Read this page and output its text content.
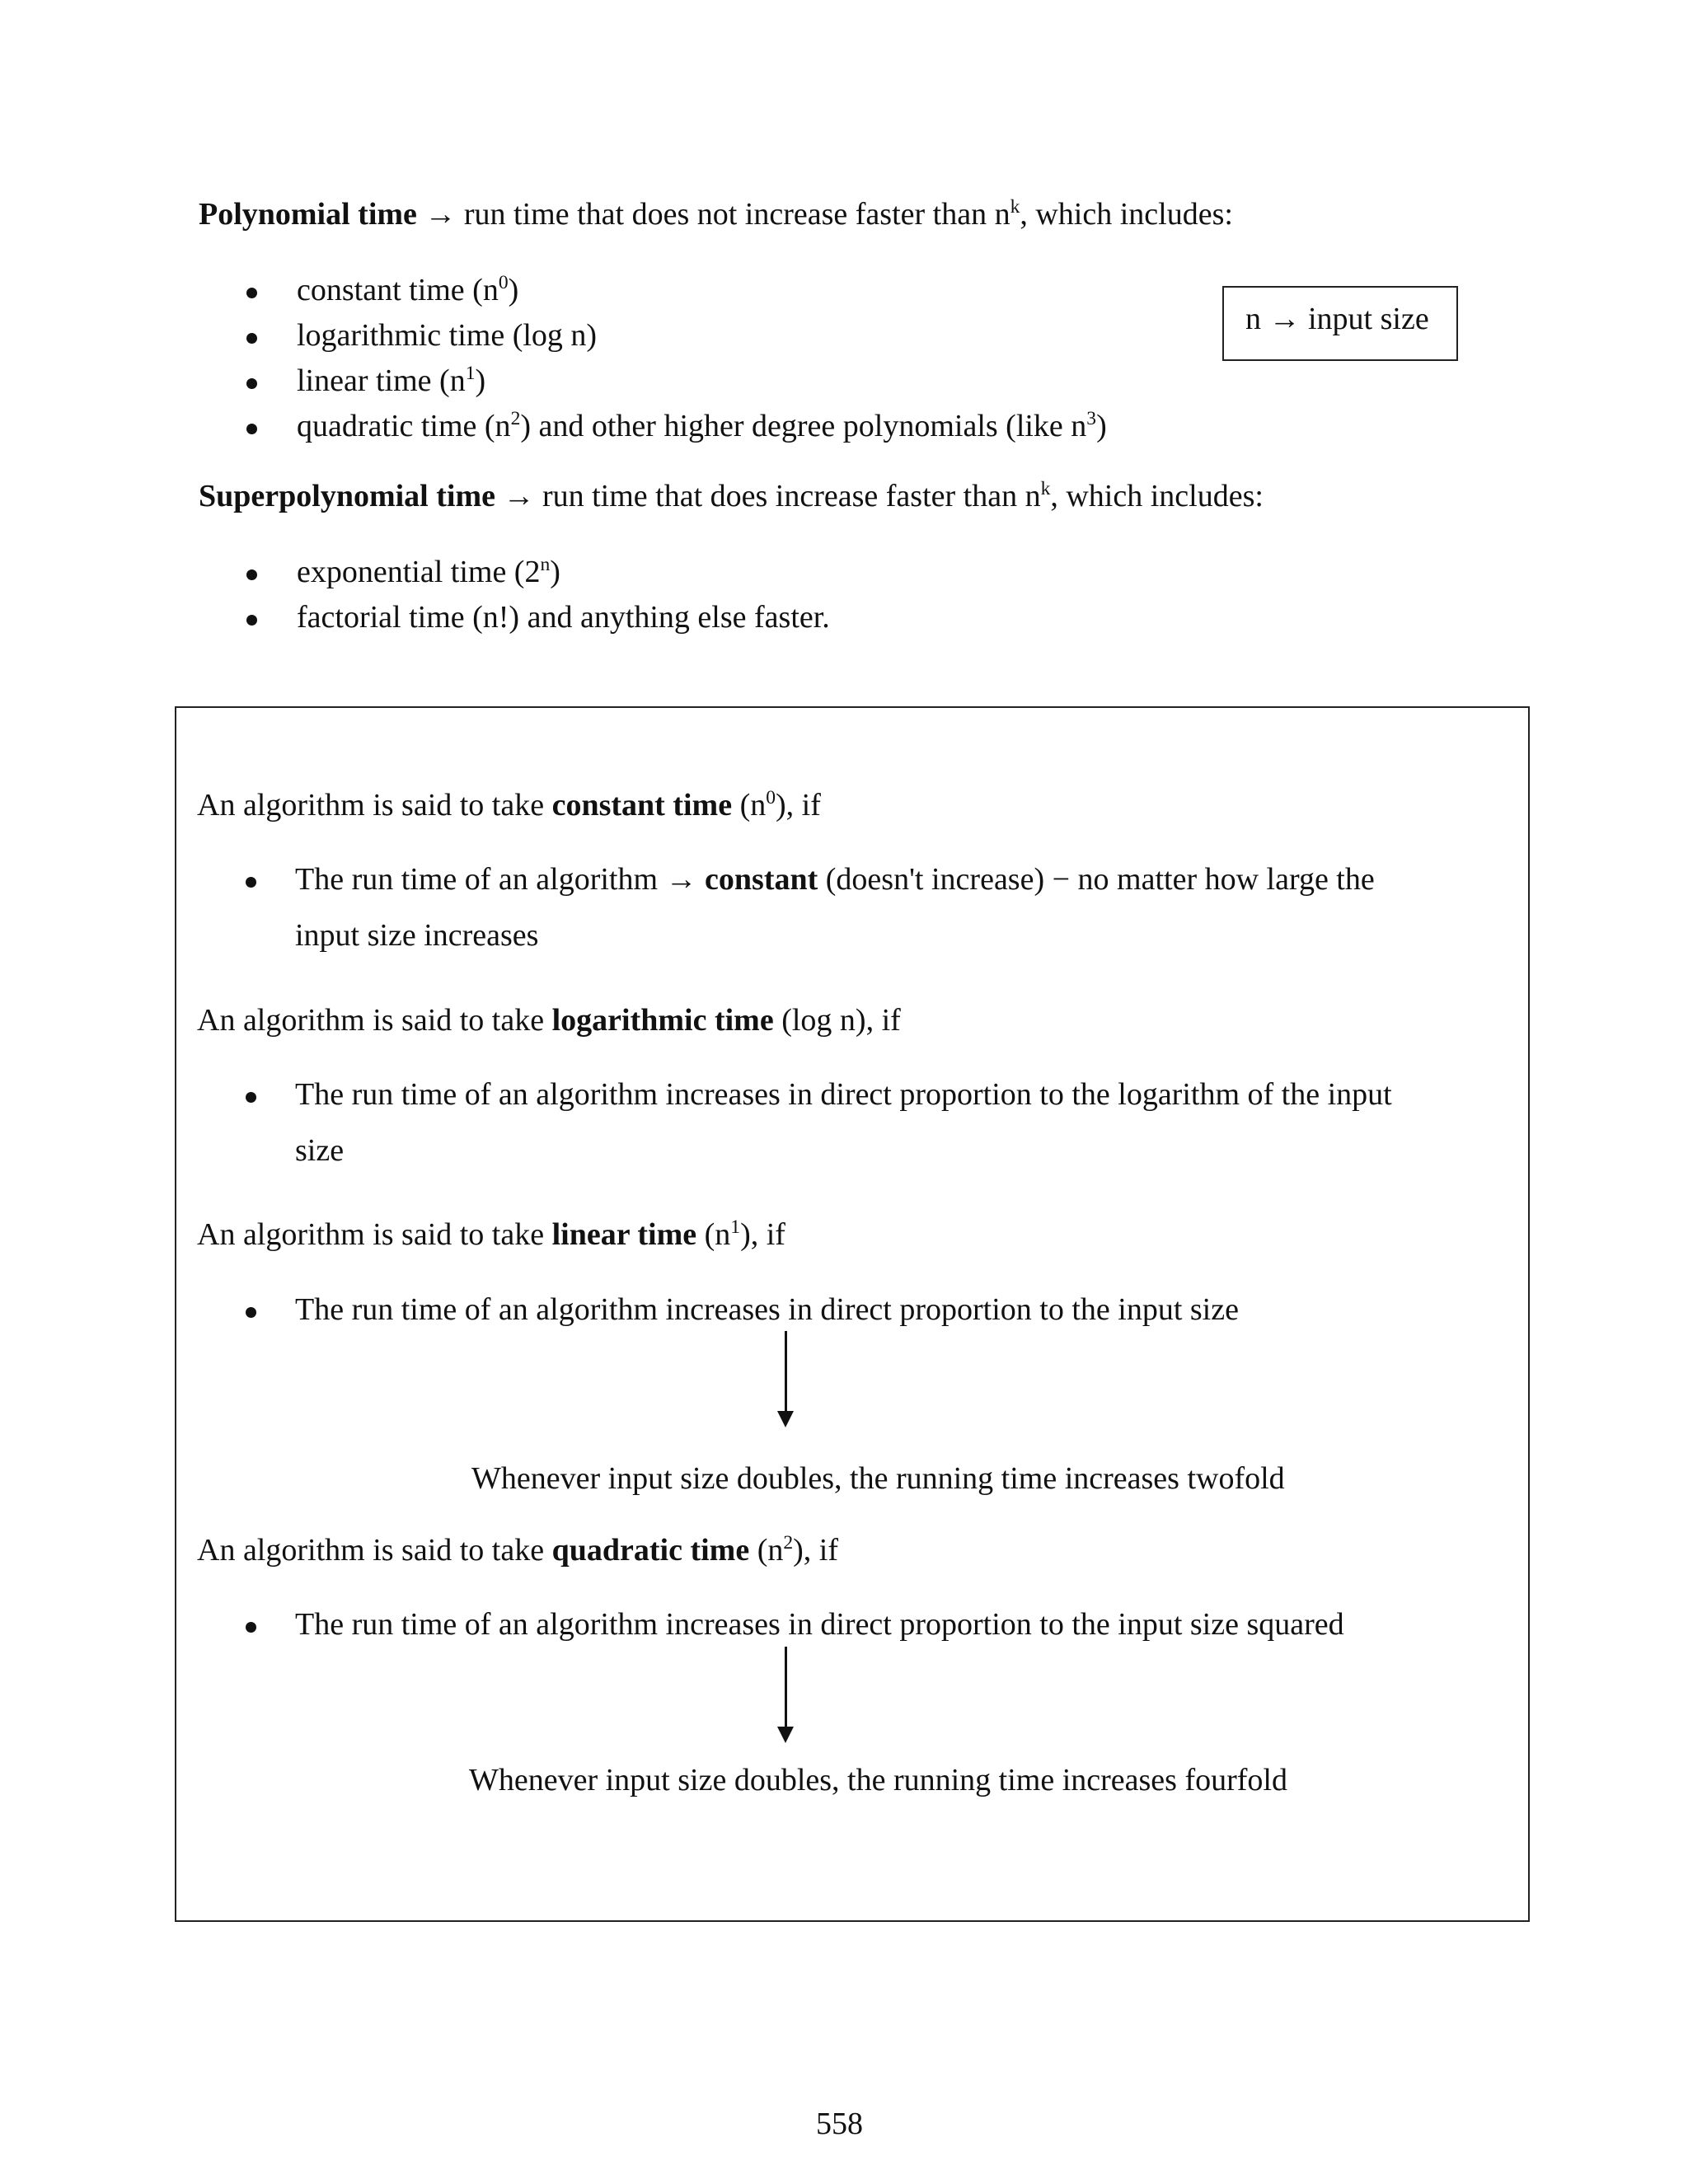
Polynomial time → run time that does not increase faster than $n^k$, which includes:
constant time $(n^0)$
logarithmic time (log n)
linear time $(n^1)$
quadratic time $(n^2)$ and other higher degree polynomials (like $n^3$)
n → input size
Superpolynomial time → run time that does increase faster than $n^k$, which includes:
exponential time (2$^n$)
factorial time (n!) and anything else faster.
An algorithm is said to take constant time $(n^0)$, if
The run time of an algorithm → constant (doesn't increase) − no matter how large the
input size increases
An algorithm is said to take logarithmic time (log n), if
The run time of an algorithm increases in direct proportion to the logarithm of the input
size
An algorithm is said to take linear time $(n^1)$, if
The run time of an algorithm increases in direct proportion to the input size
Whenever input size doubles, the running time increases twofold
An algorithm is said to take quadratic time $(n^2)$, if
The run time of an algorithm increases in direct proportion to the input size squared
Whenever input size doubles, the running time increases fourfold
558
